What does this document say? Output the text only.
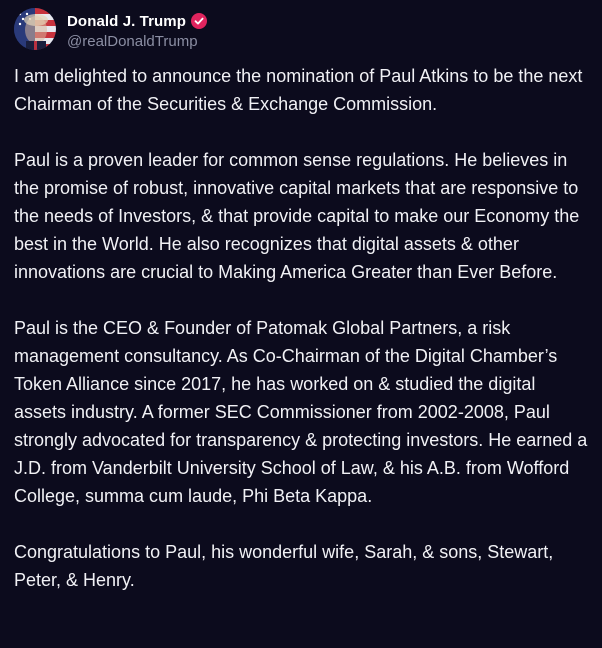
Donald J. Trump
@realDonaldTrump

I am delighted to announce the nomination of Paul Atkins to be the next Chairman of the Securities & Exchange Commission.

Paul is a proven leader for common sense regulations. He believes in the promise of robust, innovative capital markets that are responsive to the needs of Investors, & that provide capital to make our Economy the best in the World. He also recognizes that digital assets & other innovations are crucial to Making America Greater than Ever Before.

Paul is the CEO & Founder of Patomak Global Partners, a risk management consultancy. As Co-Chairman of the Digital Chamber’s Token Alliance since 2017, he has worked on & studied the digital assets industry. A former SEC Commissioner from 2002-2008, Paul strongly advocated for transparency & protecting investors. He earned a J.D. from Vanderbilt University School of Law, & his A.B. from Wofford College, summa cum laude, Phi Beta Kappa.

Congratulations to Paul, his wonderful wife, Sarah, & sons, Stewart, Peter, & Henry.
